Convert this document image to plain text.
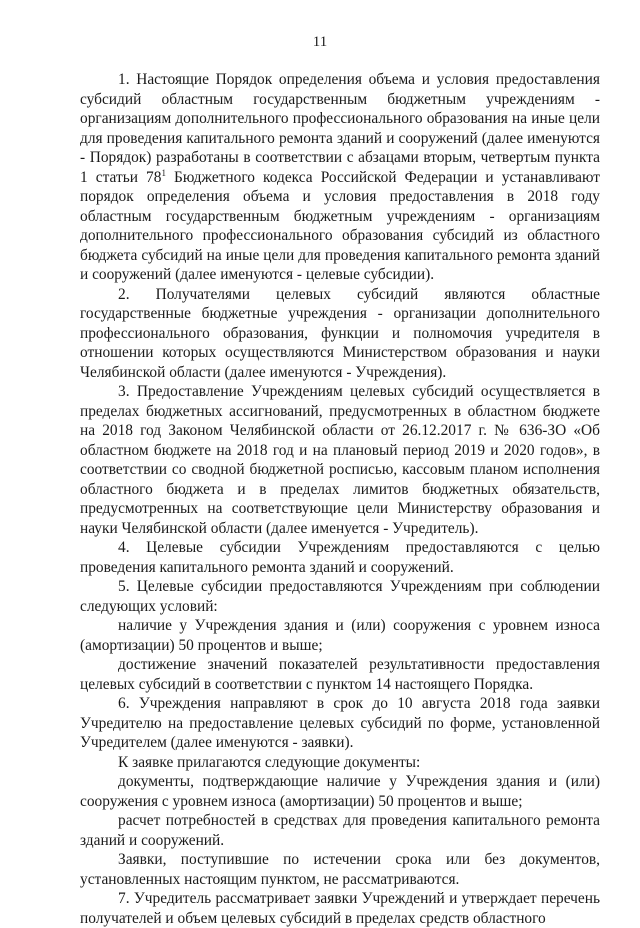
11

1. Настоящие Порядок определения объема и условия предоставления субсидий областным государственным бюджетным учреждениям - организациям дополнительного профессионального образования на иные цели для проведения капитального ремонта зданий и сооружений (далее именуются - Порядок) разработаны в соответствии с абзацами вторым, четвертым пункта 1 статьи $78^1$ Бюджетного кодекса Российской Федерации и устанавливают порядок определения объема и условия предоставления в 2018 году областным государственным бюджетным учреждениям - организациям дополнительного профессионального образования субсидий из областного бюджета субсидий на иные цели для проведения капитального ремонта зданий и сооружений (далее именуются - целевые субсидии).

2. Получателями целевых субсидий являются областные государственные бюджетные учреждения - организации дополнительного профессионального образования, функции и полномочия учредителя в отношении которых осуществляются Министерством образования и науки Челябинской области (далее именуются - Учреждения).

3. Предоставление Учреждениям целевых субсидий осуществляется в пределах бюджетных ассигнований, предусмотренных в областном бюджете на 2018 год Законом Челябинской области от 26.12.2017 г. № 636-ЗО «Об областном бюджете на 2018 год и на плановый период 2019 и 2020 годов», в соответствии со сводной бюджетной росписью, кассовым планом исполнения областного бюджета и в пределах лимитов бюджетных обязательств, предусмотренных на соответствующие цели Министерству образования и науки Челябинской области (далее именуется - Учредитель).

4. Целевые субсидии Учреждениям предоставляются с целью проведения капитального ремонта зданий и сооружений.

5. Целевые субсидии предоставляются Учреждениям при соблюдении следующих условий:

наличие у Учреждения здания и (или) сооружения с уровнем износа (амортизации) 50 процентов и выше;

достижение значений показателей результативности предоставления целевых субсидий в соответствии с пунктом 14 настоящего Порядка.

6. Учреждения направляют в срок до 10 августа 2018 года заявки Учредителю на предоставление целевых субсидий по форме, установленной Учредителем (далее именуются - заявки).

К заявке прилагаются следующие документы:

документы, подтверждающие наличие у Учреждения здания и (или) сооружения с уровнем износа (амортизации) 50 процентов и выше;

расчет потребностей в средствах для проведения капитального ремонта зданий и сооружений.

Заявки, поступившие по истечении срока или без документов, установленных настоящим пунктом, не рассматриваются.

7. Учредитель рассматривает заявки Учреждений и утверждает перечень получателей и объем целевых субсидий в пределах средств областного
